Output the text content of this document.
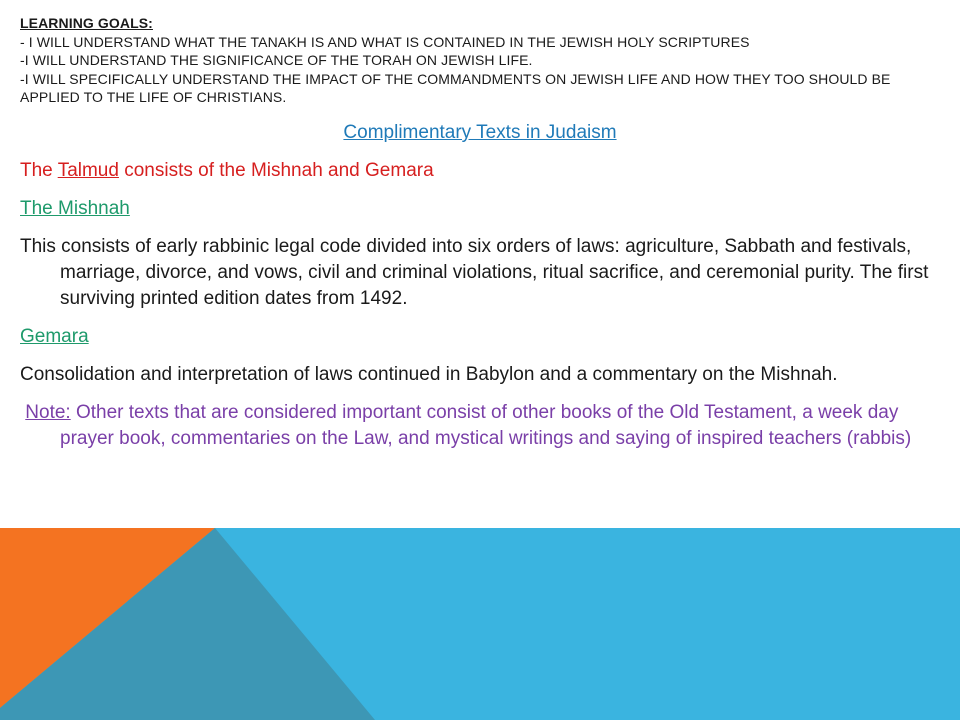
LEARNING GOALS:
- I WILL UNDERSTAND WHAT THE TANAKH IS AND WHAT IS CONTAINED IN THE JEWISH HOLY SCRIPTURES
-I WILL UNDERSTAND THE SIGNIFICANCE OF THE TORAH ON JEWISH LIFE.
-I WILL SPECIFICALLY UNDERSTAND THE IMPACT OF THE COMMANDMENTS ON JEWISH LIFE AND HOW THEY TOO SHOULD BE APPLIED TO THE LIFE OF CHRISTIANS.
Complimentary Texts in Judaism
The Talmud consists of the Mishnah and Gemara
The Mishnah
This consists of early rabbinic legal code divided into six orders of laws: agriculture, Sabbath and festivals, marriage, divorce, and vows, civil and criminal violations, ritual sacrifice, and ceremonial purity. The first surviving printed edition dates from 1492.
Gemara
Consolidation and interpretation of laws continued in Babylon and a commentary on the Mishnah.
Note: Other texts that are considered important consist of other books of the Old Testament, a week day prayer book, commentaries on the Law, and mystical writings and saying of inspired teachers (rabbis)
